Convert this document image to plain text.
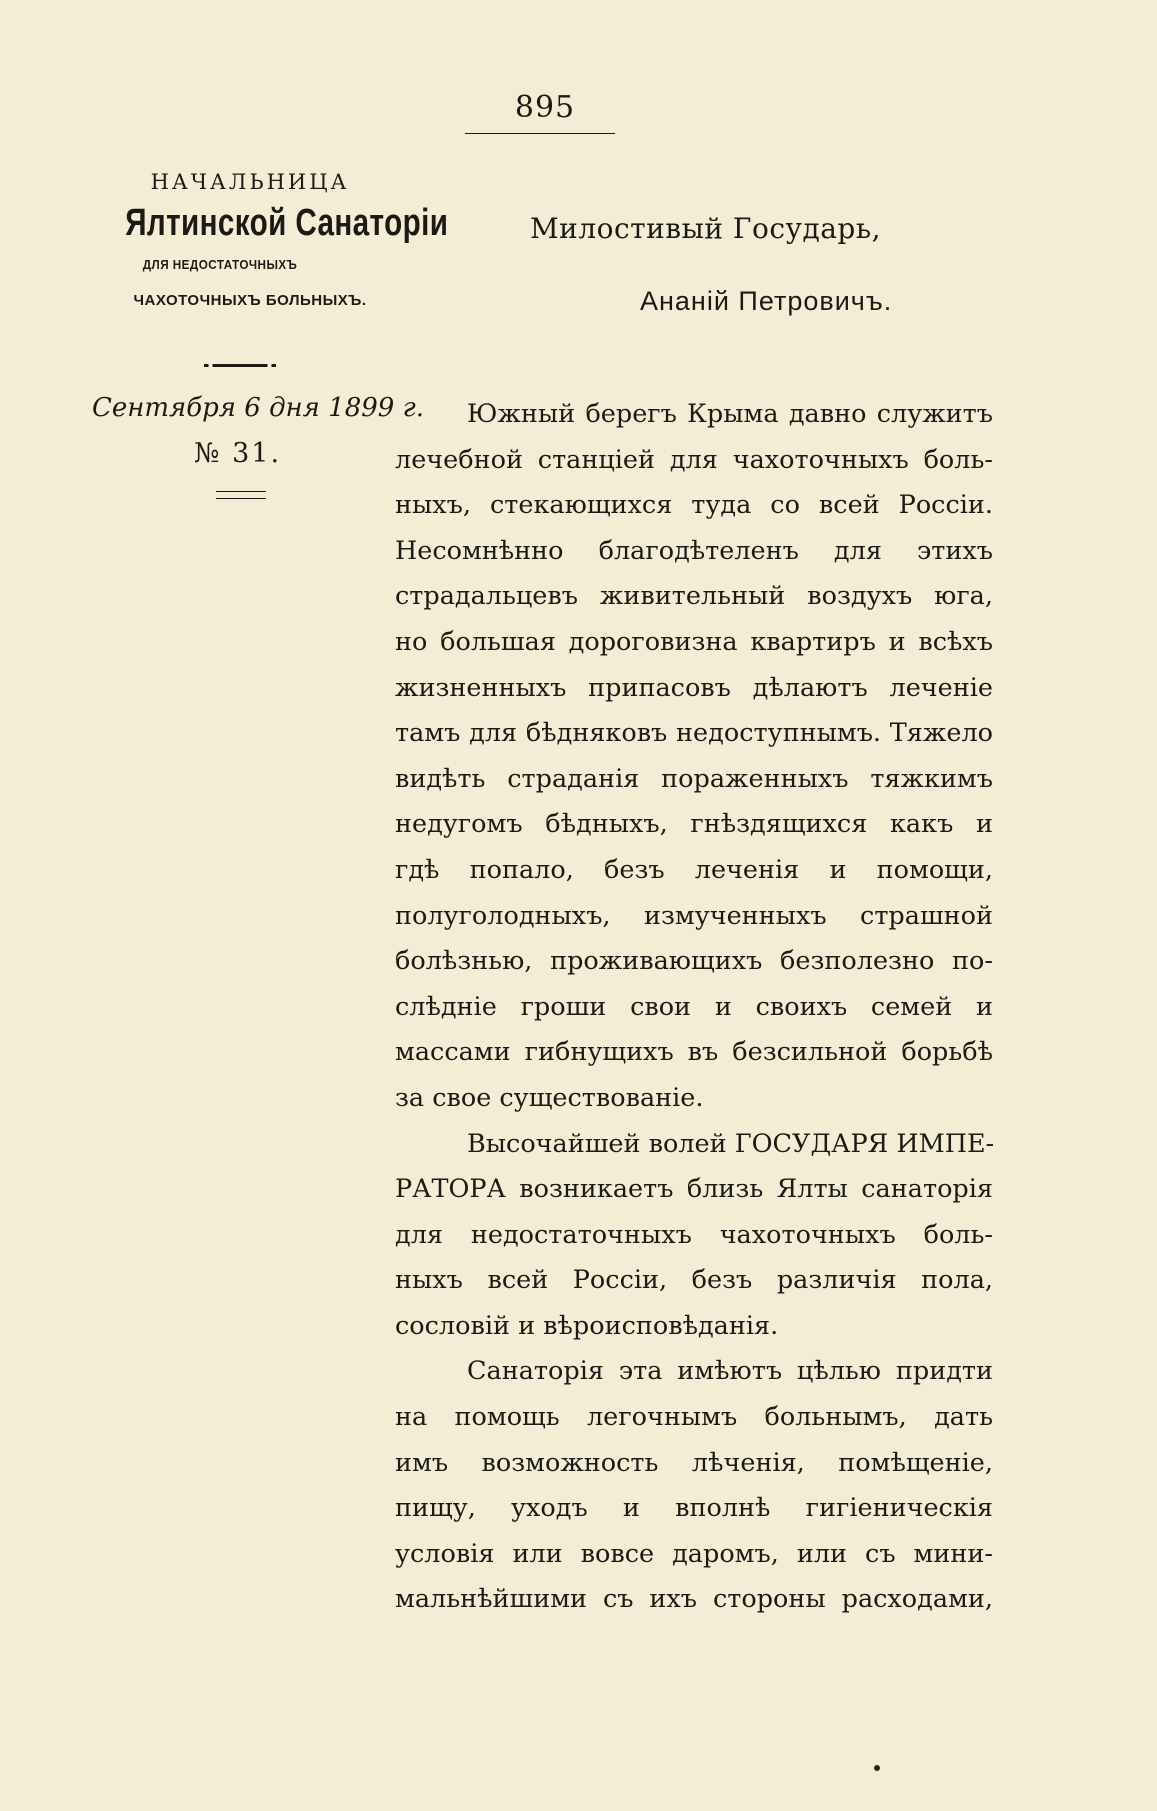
895
НАЧАЛЬНИЦА
Ялтинской Санаторіи
ДЛЯ НЕДОСТАТОЧНЫХЪ
ЧАХОТОЧНЫХЪ БОЛЬНЫХЪ.
Сентября 6 дня 1899 г.
№ 31.
Милостивый Государь,
Ананій Петровичъ.
Южный берегъ Крыма давно служитъ
лечебной станціей для чахоточныхъ боль-
ныхъ, стекающихся туда со всей Россіи.
Несомнѣнно благодѣтеленъ для этихъ
страдальцевъ живительный воздухъ юга,
но большая дороговизна квартиръ и всѣхъ
жизненныхъ припасовъ дѣлаютъ леченіе
тамъ для бѣдняковъ недоступнымъ. Тяжело
видѣть страданія пораженныхъ тяжкимъ
недугомъ бѣдныхъ, гнѣздящихся какъ и
гдѣ попало, безъ леченія и помощи,
полуголодныхъ, измученныхъ страшной
болѣзнью, проживающихъ безполезно по-
слѣдніе гроши свои и своихъ семей и
массами гибнущихъ въ безсильной борьбѣ
за свое существованіе.
Высочайшей волей ГОСУДАРЯ ИМПЕ-
РАТОРА возникаетъ близь Ялты санаторія
для недостаточныхъ чахоточныхъ боль-
ныхъ всей Россіи, безъ различія пола,
сословій и вѣроисповѣданія.
Санаторія эта имѣютъ цѣлью придти
на помощь легочнымъ больнымъ, дать
имъ возможность лѣченія, помѣщеніе,
пищу, уходъ и вполнѣ гигіеническія
условія или вовсе даромъ, или съ мини-
мальнѣйшими съ ихъ стороны расходами,
